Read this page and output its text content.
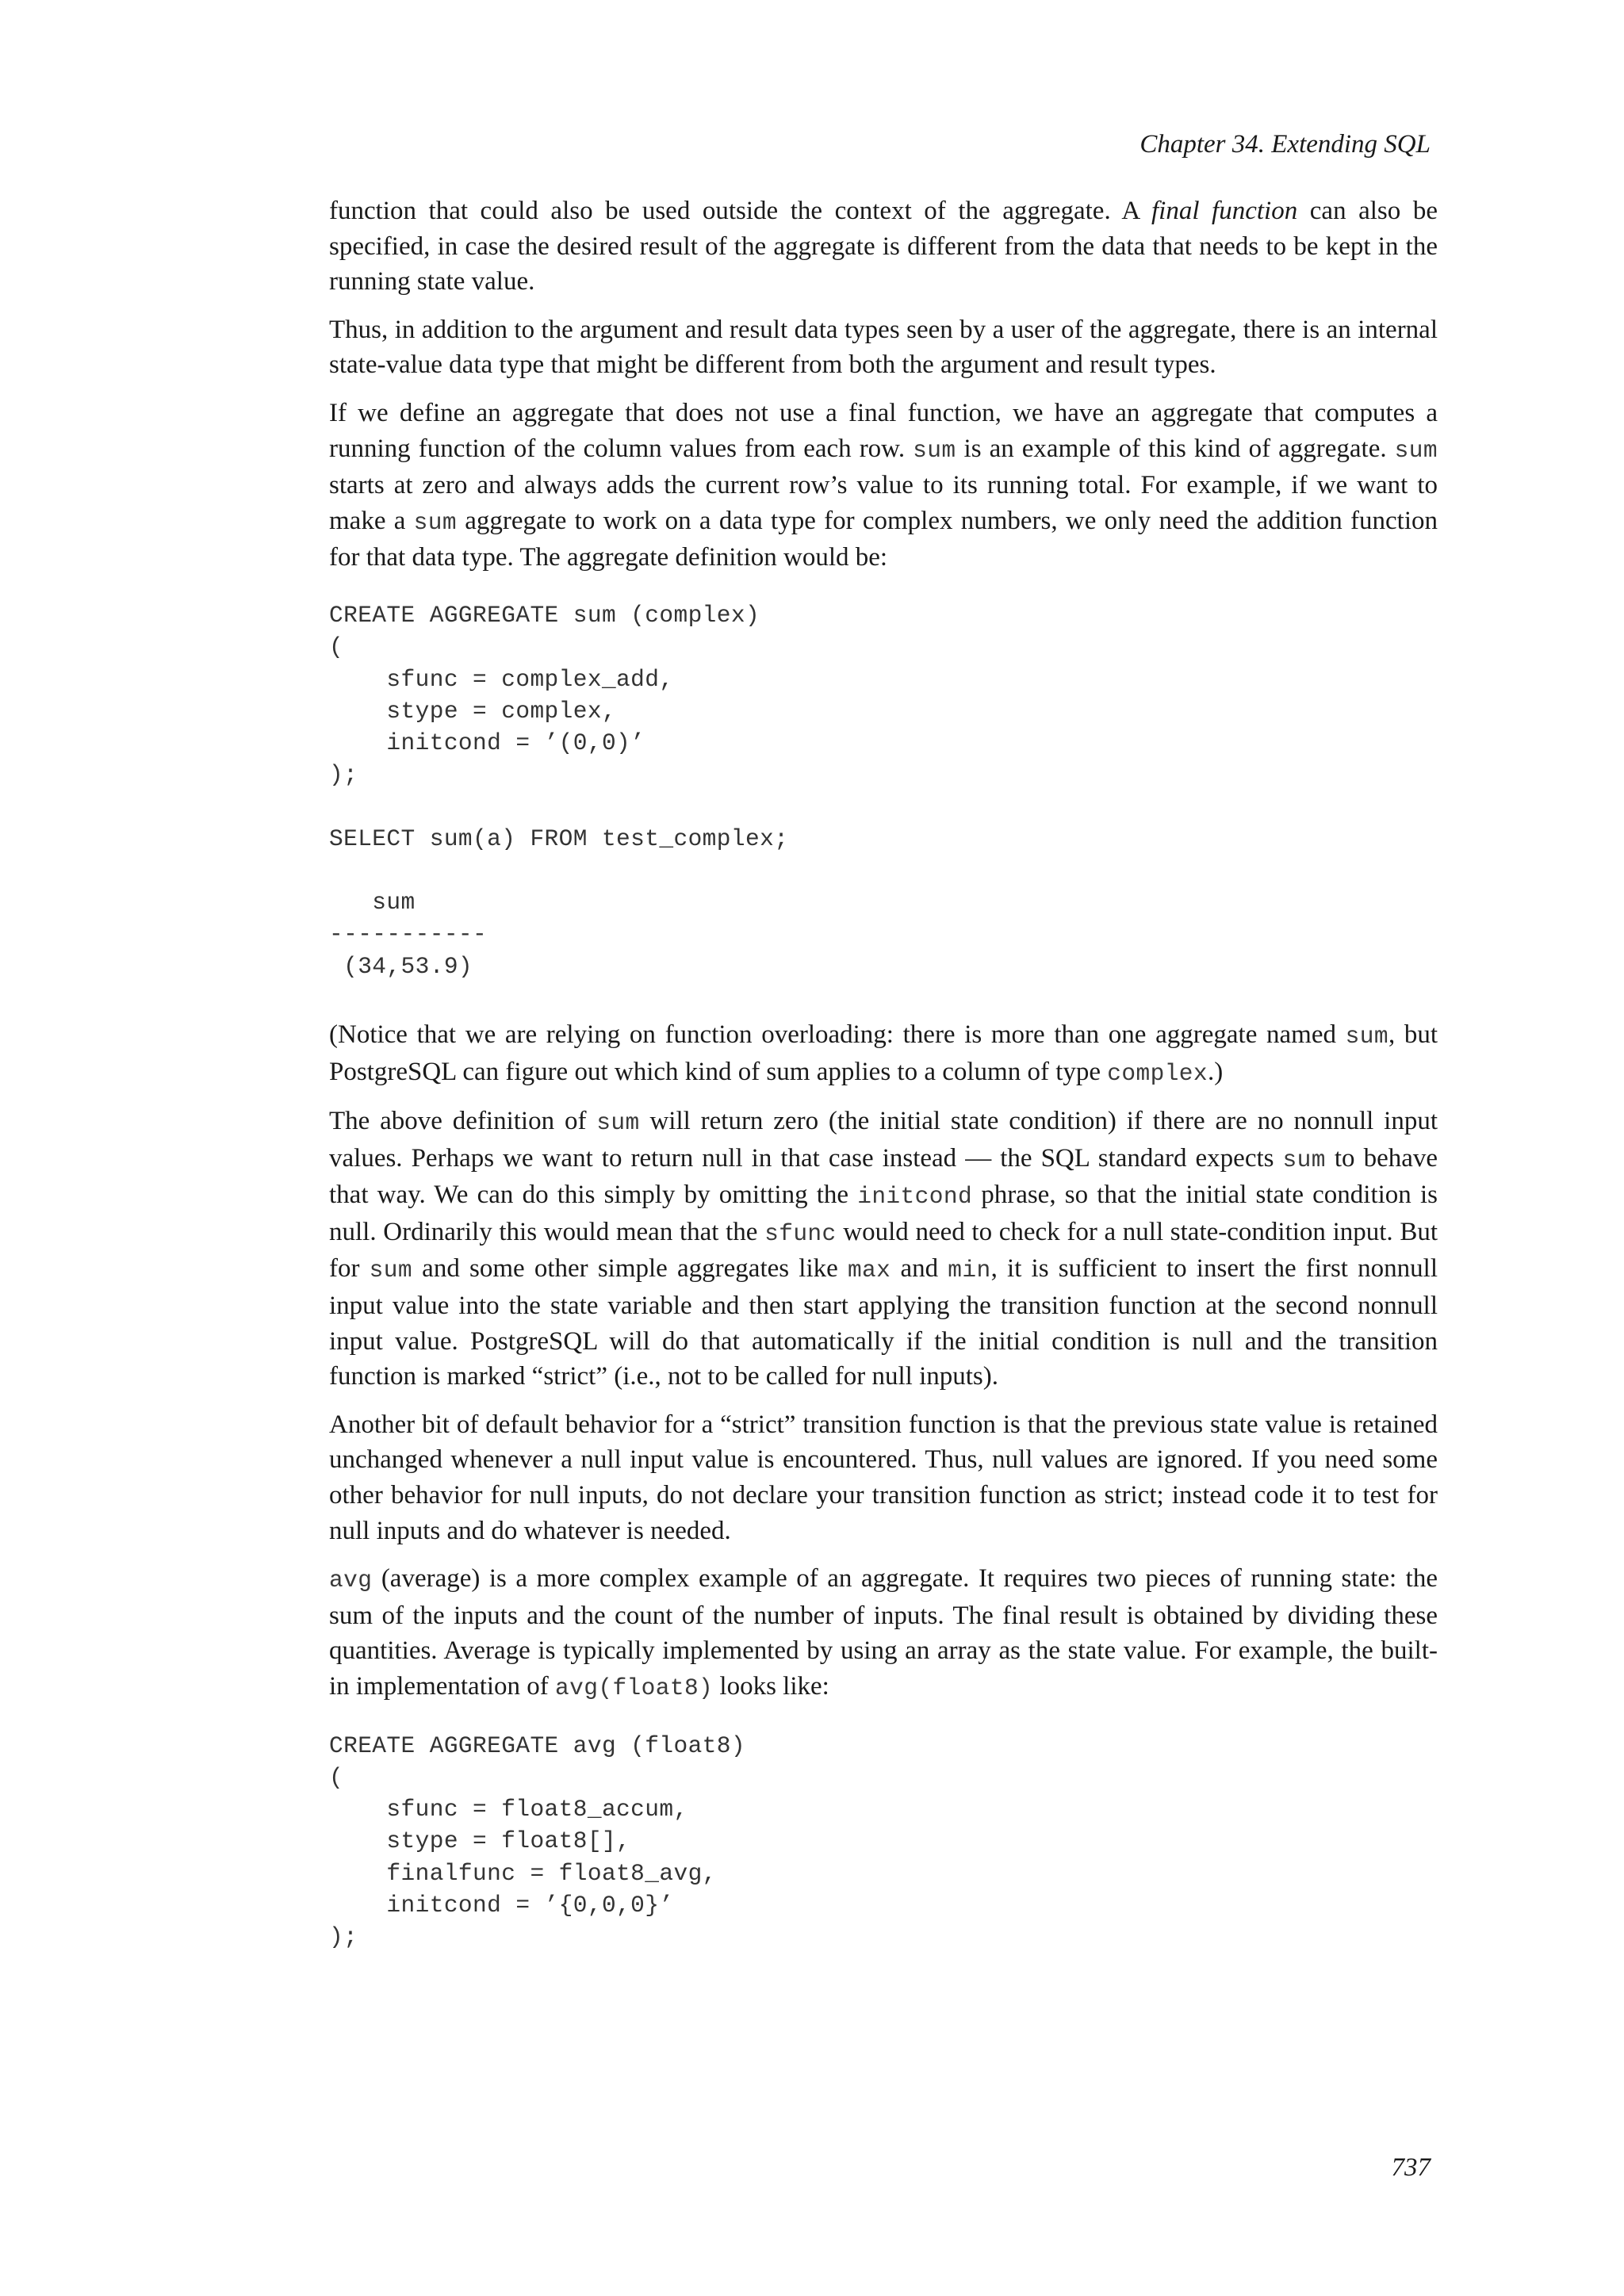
Chapter 34. Extending SQL

function that could also be used outside the context of the aggregate. A final function can also be specified, in case the desired result of the aggregate is different from the data that needs to be kept in the running state value.

Thus, in addition to the argument and result data types seen by a user of the aggregate, there is an internal state-value data type that might be different from both the argument and result types.

If we define an aggregate that does not use a final function, we have an aggregate that computes a running function of the column values from each row. sum is an example of this kind of aggregate. sum starts at zero and always adds the current row’s value to its running total. For example, if we want to make a sum aggregate to work on a data type for complex numbers, we only need the addition function for that data type. The aggregate definition would be:

CREATE AGGREGATE sum (complex)
(
sfunc = complex_add,
stype = complex,
initcond = ’(0,0)’
);
SELECT sum(a) FROM test_complex;
sum
-----------
(34,53.9)

(Notice that we are relying on function overloading: there is more than one aggregate named sum, but PostgreSQL can figure out which kind of sum applies to a column of type complex.)

The above definition of sum will return zero (the initial state condition) if there are no nonnull input values. Perhaps we want to return null in that case instead — the SQL standard expects sum to behave that way. We can do this simply by omitting the initcond phrase, so that the initial state condition is null. Ordinarily this would mean that the sfunc would need to check for a null state-condition input. But for sum and some other simple aggregates like max and min, it is sufficient to insert the first nonnull input value into the state variable and then start applying the transition function at the second nonnull input value. PostgreSQL will do that automatically if the initial condition is null and the transition function is marked “strict” (i.e., not to be called for null inputs).

Another bit of default behavior for a “strict” transition function is that the previous state value is retained unchanged whenever a null input value is encountered. Thus, null values are ignored. If you need some other behavior for null inputs, do not declare your transition function as strict; instead code it to test for null inputs and do whatever is needed.

avg (average) is a more complex example of an aggregate. It requires two pieces of running state: the sum of the inputs and the count of the number of inputs. The final result is obtained by dividing these quantities. Average is typically implemented by using an array as the state value. For example, the built-in implementation of avg(float8) looks like:

CREATE AGGREGATE avg (float8)
(
sfunc = float8_accum,
stype = float8[],
finalfunc = float8_avg,
initcond = ’{0,0,0}’
);
737
